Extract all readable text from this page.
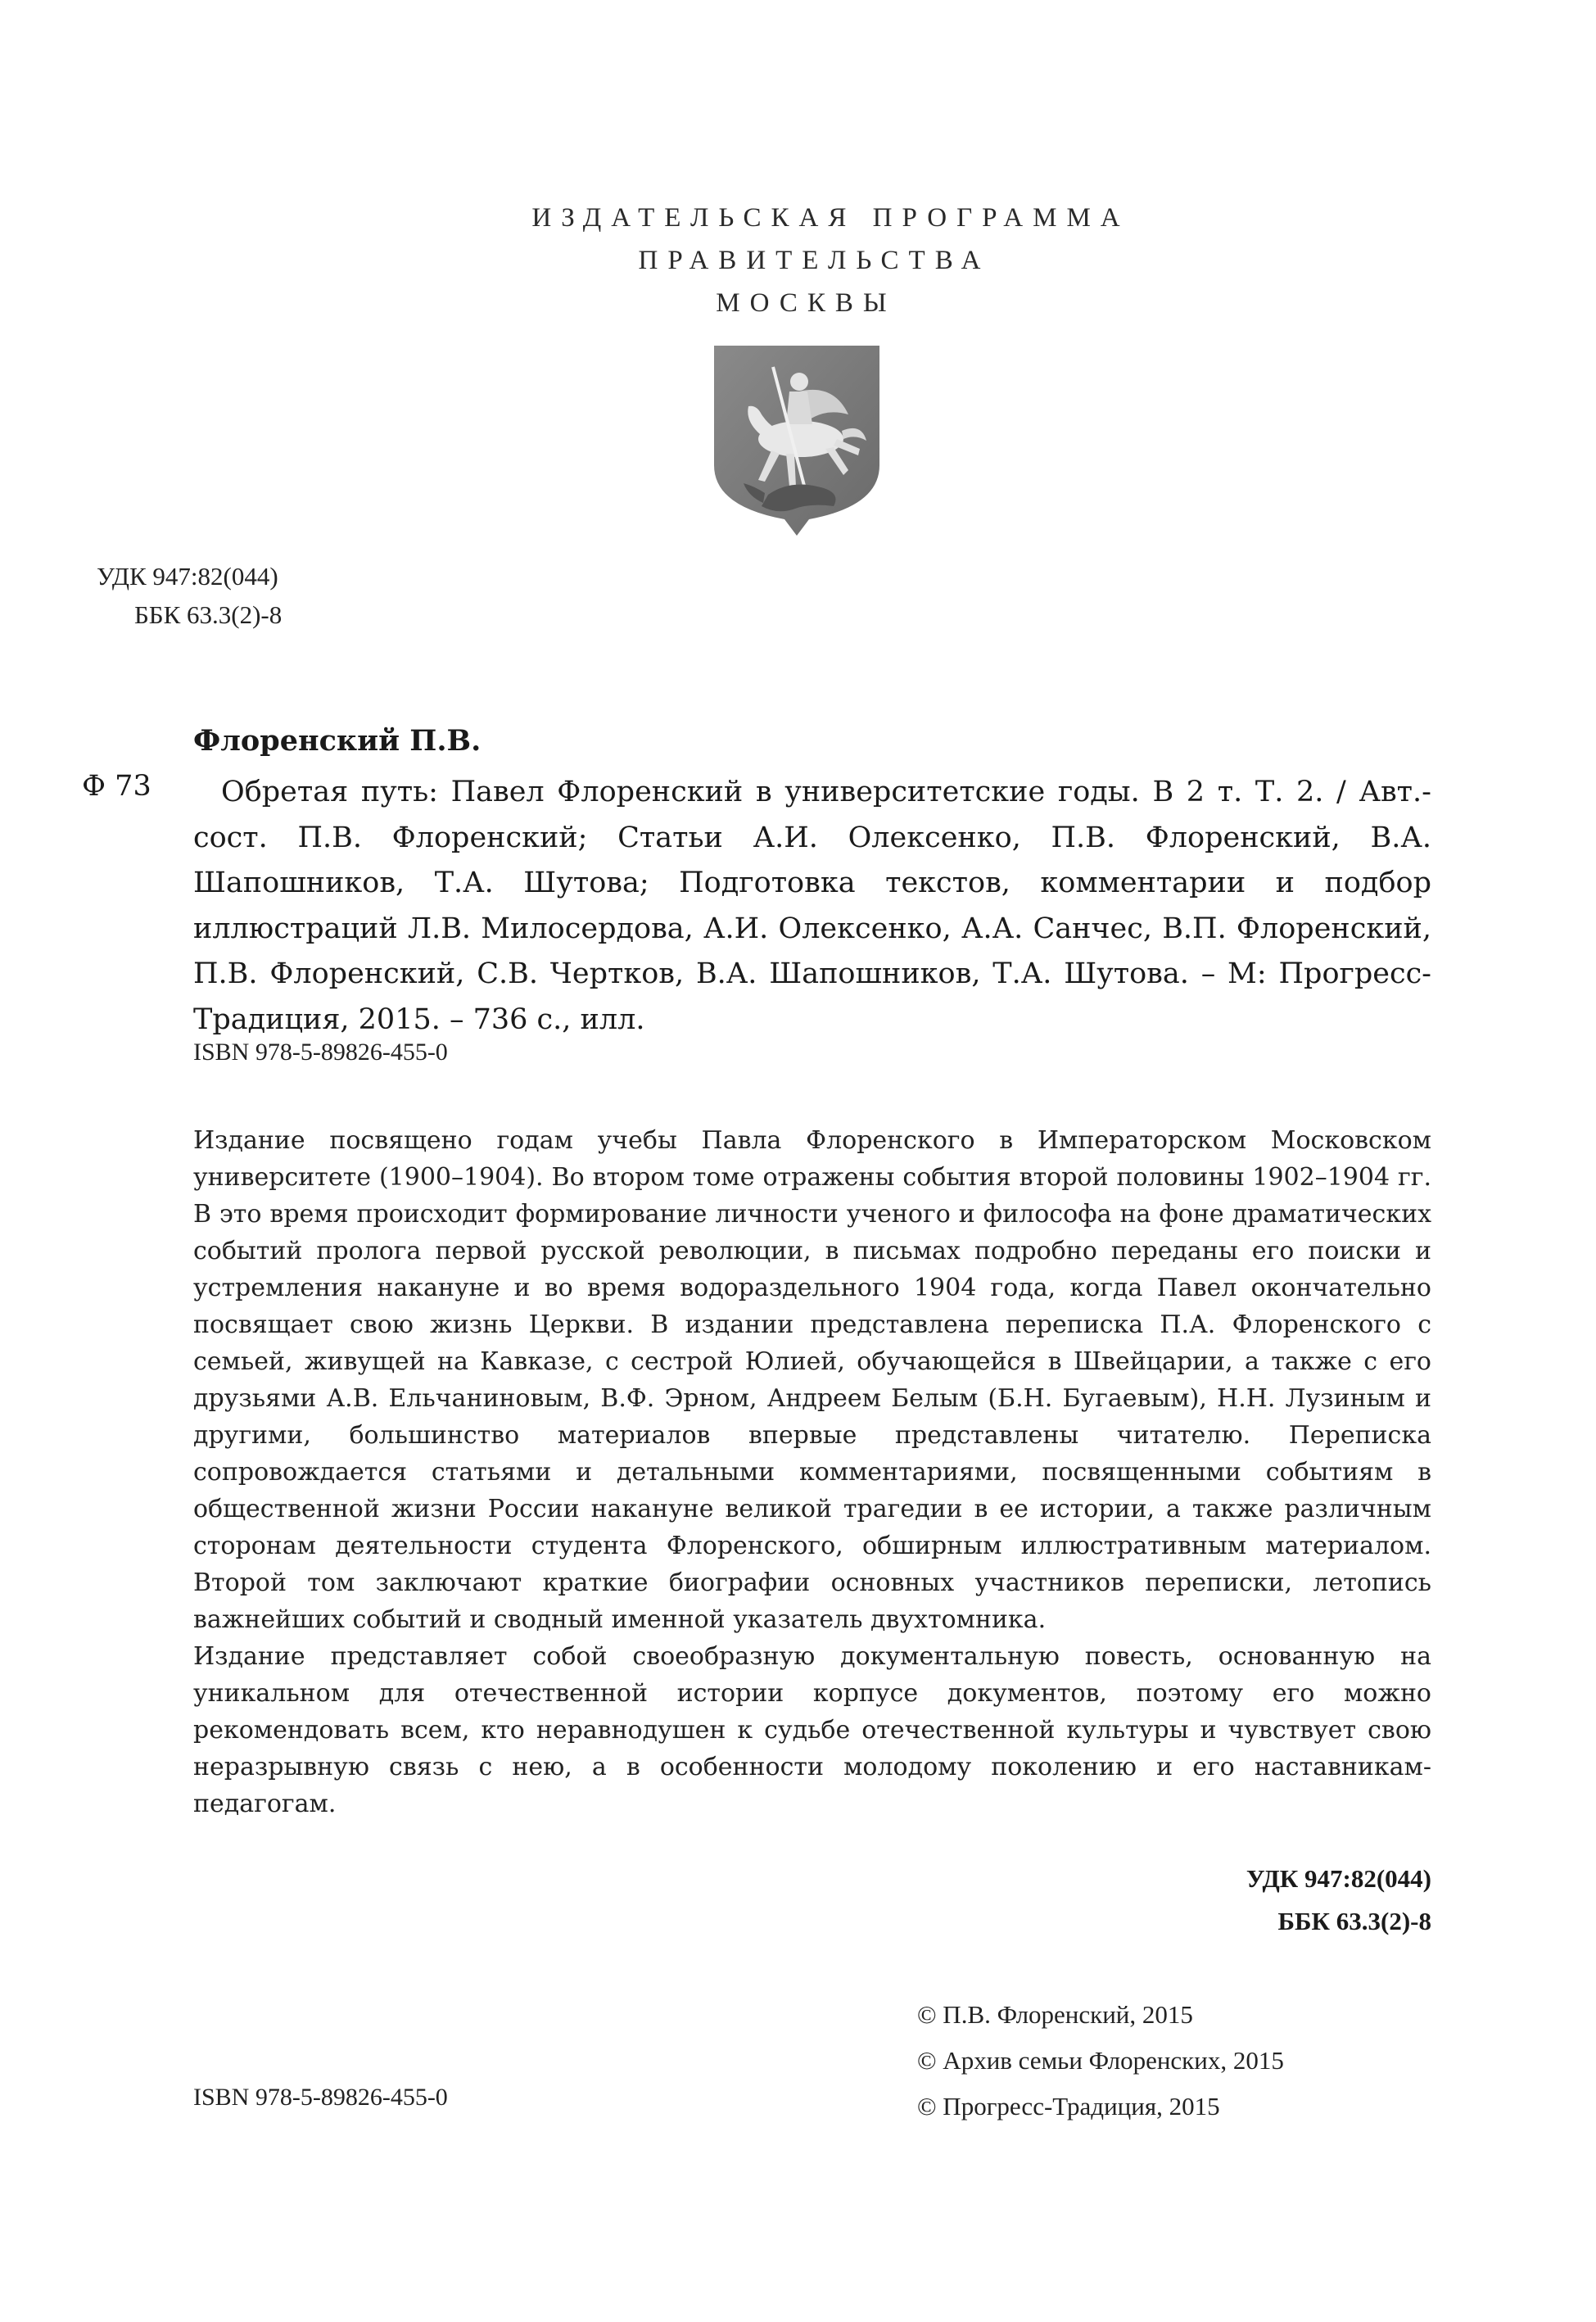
ИЗДАТЕЛЬСКАЯ ПРОГРАММА
ПРАВИТЕЛЬСТВА
МОСКВЫ
УДК 947:82(044)
ББК 63.3(2)-8
Флоренский П.В.
Ф 73	Обретая путь: Павел Флоренский в университетские годы. В 2 т. Т. 2. / Авт.-сост. П.В. Флоренский; Статьи А.И. Олексенко, П.В. Флоренский, В.А. Шапошников, Т.А. Шутова; Подготовка текстов, комментарии и подбор иллюстраций Л.В. Милосердова, А.И. Олексенко, А.А. Санчес, В.П. Флоренский, П.В. Флоренский, С.В. Чертков, В.А. Шапошников, Т.А. Шутова. – М: Прогресс-Традиция, 2015. – 736 с., илл.
ISBN 978-5-89826-455-0

Издание посвящено годам учебы Павла Флоренского в Императорском Московском университете (1900–1904). Во втором томе отражены события второй половины 1902–1904 гг. В это время происходит формирование личности ученого и философа на фоне драматических событий пролога первой русской революции, в письмах подробно переданы его поиски и устремления накануне и во время водораздельного 1904 года, когда Павел окончательно посвящает свою жизнь Церкви. В издании представлена переписка П.А. Флоренского с семьей, живущей на Кавказе, с сестрой Юлией, обучающейся в Швейцарии, а также с его друзьями А.В. Ельчаниновым, В.Ф. Эрном, Андреем Белым (Б.Н. Бугаевым), Н.Н. Лузиным и другими, большинство материалов впервые представлены читателю. Переписка сопровождается статьями и детальными комментариями, посвященными событиям в общественной жизни России накануне великой трагедии в ее истории, а также различным сторонам деятельности студента Флоренского, обширным иллюстративным материалом. Второй том заключают краткие биографии основных участников переписки, летопись важнейших событий и сводный именной указатель двухтомника.

Издание представляет собой своеобразную документальную повесть, основанную на уникальном для отечественной истории корпусе документов, поэтому его можно рекомендовать всем, кто неравнодушен к судьбе отечественной культуры и чувствует свою неразрывную связь с нею, а в особенности молодому поколению и его наставникам-педагогам.

УДК 947:82(044)
ББК 63.3(2)-8
© П.В. Флоренский, 2015
© Архив семьи Флоренских, 2015
© Прогресс-Традиция, 2015
ISBN 978-5-89826-455-0
